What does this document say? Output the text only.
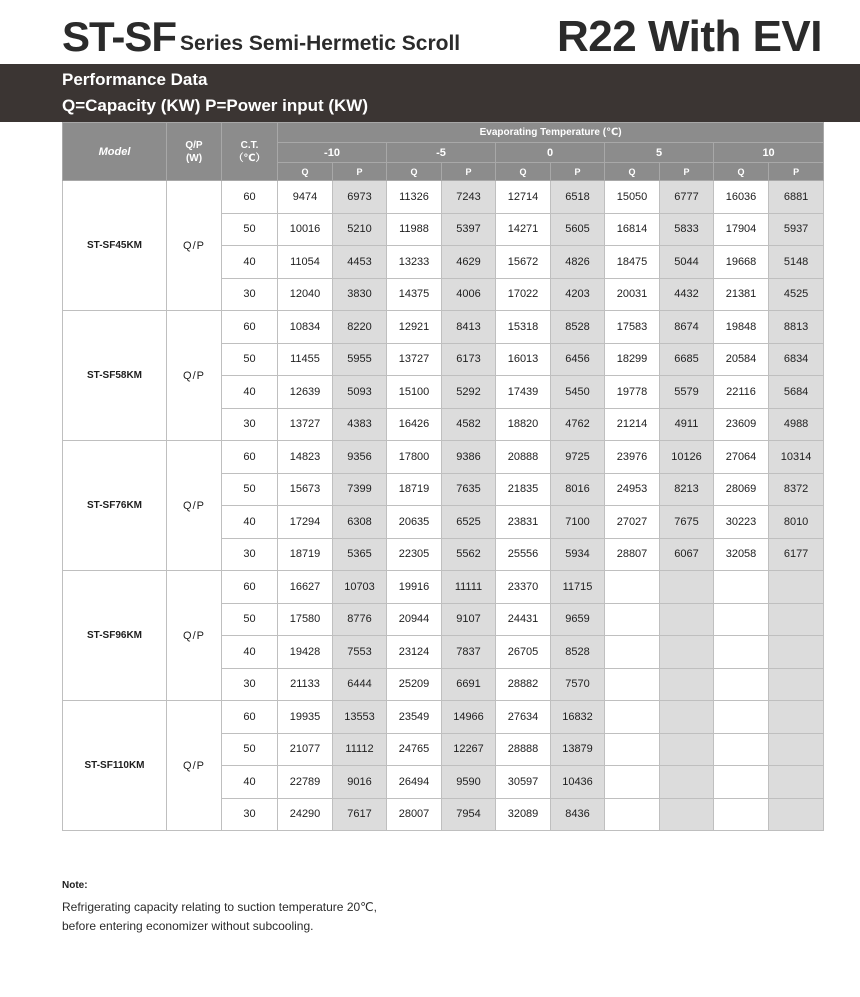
ST-SF Series Semi-Hermetic Scroll R22 With EVI
Performance Data
Q=Capacity (KW) P=Power input (KW)
Model	Q/P
(W)	C.T.
（℃）	Evaporating Temperature (℃)									
			-10		-5		0		5		10	
			Q	P	Q	P	Q	P	Q	P	Q	P
ST-SF45KM	Q/P	60	9474	6973	11326	7243	12714	6518	15050	6777	16036	6881
		50	10016	5210	11988	5397	14271	5605	16814	5833	17904	5937
		40	11054	4453	13233	4629	15672	4826	18475	5044	19668	5148
		30	12040	3830	14375	4006	17022	4203	20031	4432	21381	4525
ST-SF58KM	Q/P	60	10834	8220	12921	8413	15318	8528	17583	8674	19848	8813
		50	11455	5955	13727	6173	16013	6456	18299	6685	20584	6834
		40	12639	5093	15100	5292	17439	5450	19778	5579	22116	5684
		30	13727	4383	16426	4582	18820	4762	21214	4911	23609	4988
ST-SF76KM	Q/P	60	14823	9356	17800	9386	20888	9725	23976	10126	27064	10314
		50	15673	7399	18719	7635	21835	8016	24953	8213	28069	8372
		40	17294	6308	20635	6525	23831	7100	27027	7675	30223	8010
		30	18719	5365	22305	5562	25556	5934	28807	6067	32058	6177
ST-SF96KM	Q/P	60	16627	10703	19916	11111	23370	11715				
		50	17580	8776	20944	9107	24431	9659				
		40	19428	7553	23124	7837	26705	8528				
		30	21133	6444	25209	6691	28882	7570				
ST-SF110KM	Q/P	60	19935	13553	23549	14966	27634	16832				
		50	21077	11112	24765	12267	28888	13879				
		40	22789	9016	26494	9590	30597	10436				
		30	24290	7617	28007	7954	32089	8436				
Note:
Refrigerating capacity relating to suction temperature 20℃,
before entering economizer without subcooling.
